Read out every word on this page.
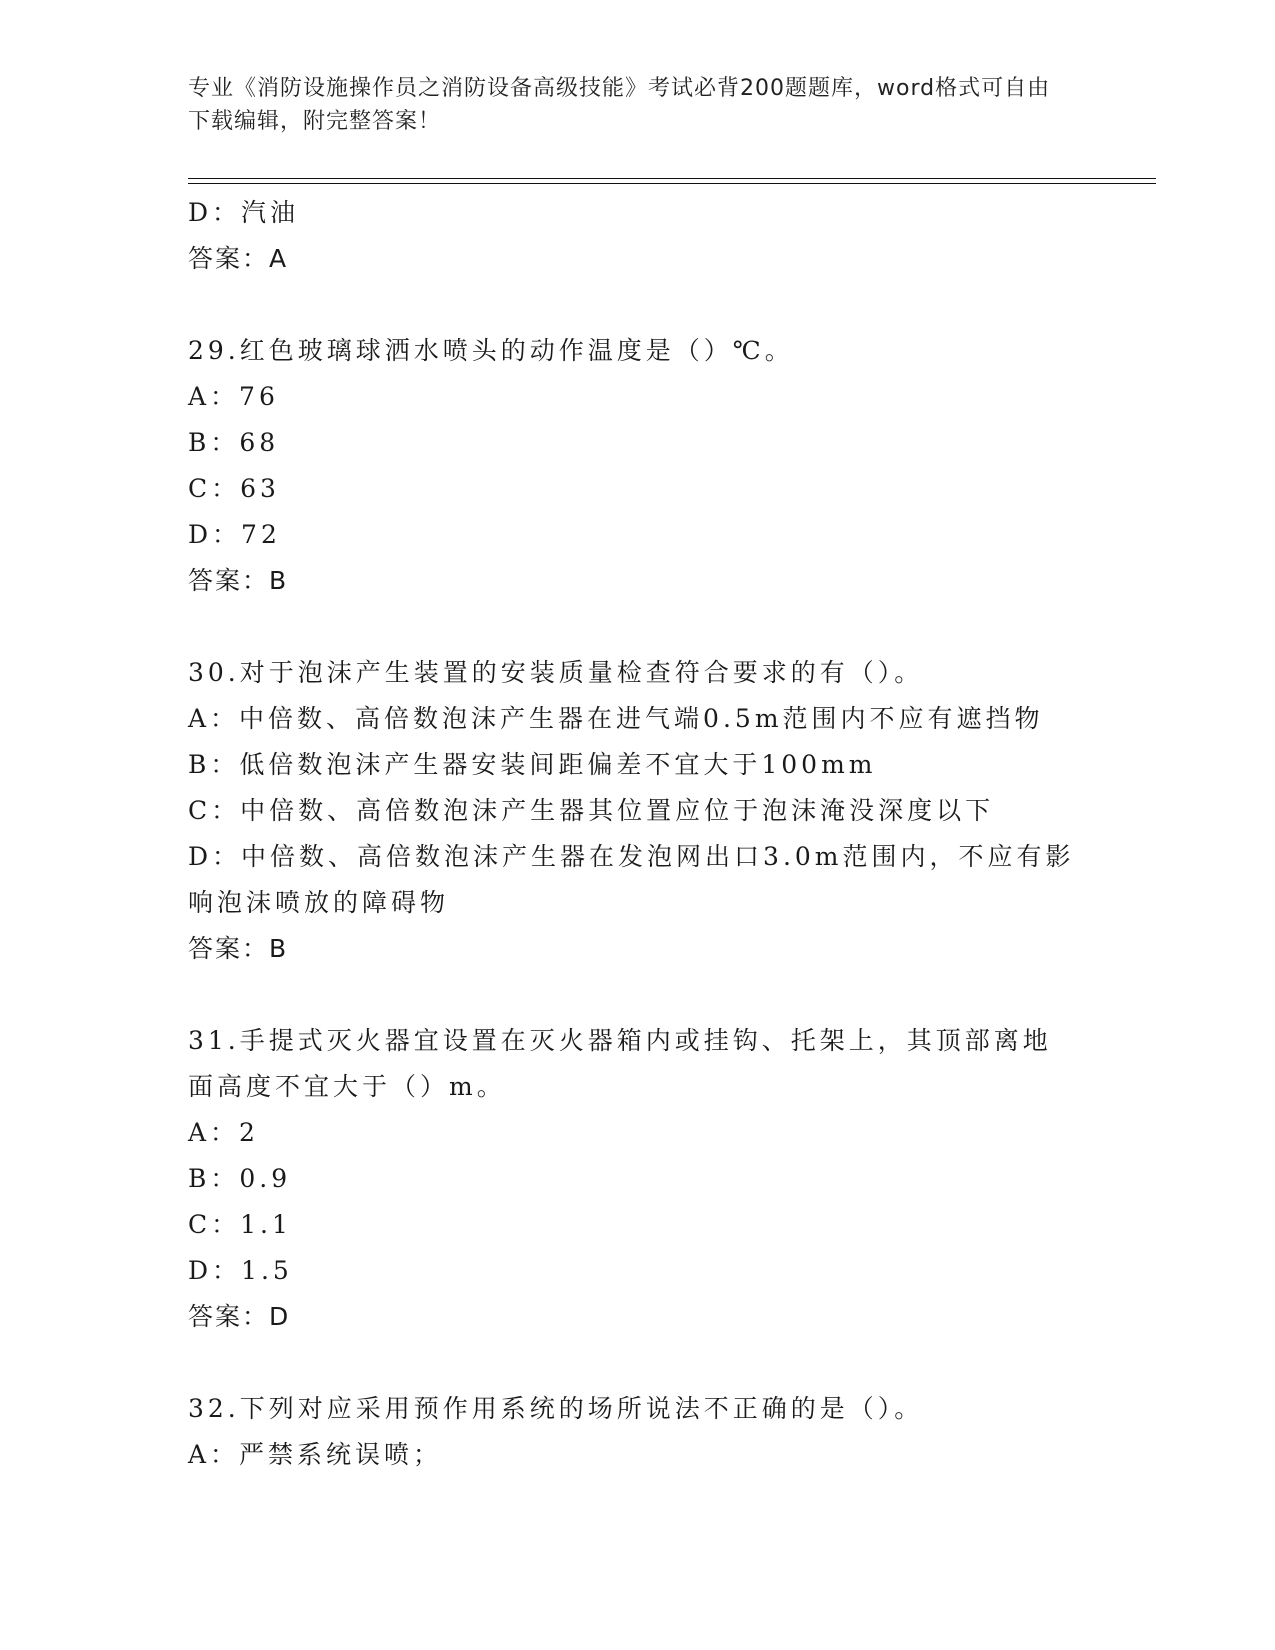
专业《消防设施操作员之消防设备高级技能》考试必背200题题库，word格式可自由下载编辑，附完整答案！
D：汽油
答案：A
29.红色玻璃球洒水喷头的动作温度是（）℃。
A：76
B：68
C：63
D：72
答案：B
30.对于泡沫产生装置的安装质量检查符合要求的有（）。
A：中倍数、高倍数泡沫产生器在进气端0.5m范围内不应有遮挡物
B：低倍数泡沫产生器安装间距偏差不宜大于100mm
C：中倍数、高倍数泡沫产生器其位置应位于泡沫淹没深度以下
D：中倍数、高倍数泡沫产生器在发泡网出口3.0m范围内，不应有影响泡沫喷放的障碍物
答案：B
31.手提式灭火器宜设置在灭火器箱内或挂钩、托架上，其顶部离地面高度不宜大于（）m。
A：2
B：0.9
C：1.1
D：1.5
答案：D
32.下列对应采用预作用系统的场所说法不正确的是（）。
A：严禁系统误喷；
